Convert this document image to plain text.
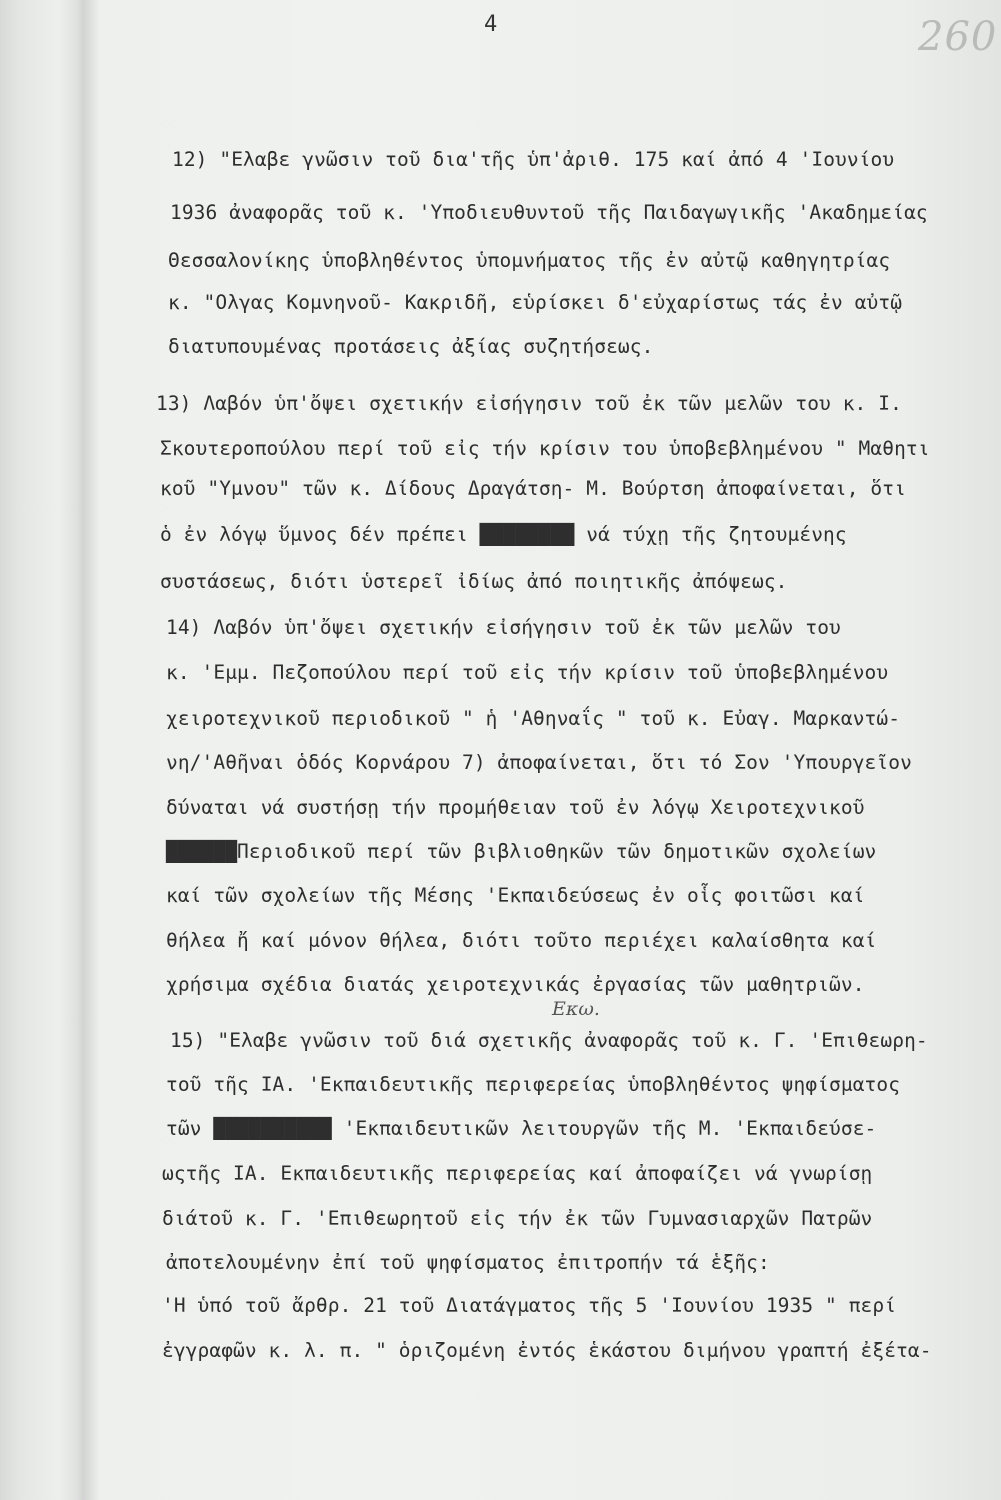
4	260
12) "Ελαβε γνῶσιν τοῦ δια'τῆς ὑπ'ἀριθ. 175 καί ἀπό 4 'Ιουνίου
1936 ἀναφορᾶς τοῦ κ. 'Υποδιευθυντοῦ τῆς Παιδαγωγικῆς 'Ακαδημείας
Θεσσαλονίκης ὑποβληθέντος ὑπομνήματος τῆς ἐν αὐτῷ καθηγητρίας
κ. "Ολγας Κομνηνοῦ- Κακριδῆ, εὑρίσκει δ'εὐχαρίστως τάς ἐν αὐτῷ
διατυπουμένας προτάσεις ἀξίας συζητήσεως.
13) Λαβόν ὑπ'ὄψει σχετικήν εἰσήγησιν τοῦ ἐκ τῶν μελῶν του κ. Ι.
Σκουτεροπούλου περί τοῦ εἰς τήν κρίσιν του ὑποβεβλημένου " Μαθητι
κοῦ "Υμνου" τῶν κ. Δίδους Δραγάτση- Μ. Βούρτση ἀποφαίνεται, ὅτι
ὁ ἐν λόγῳ ὕμνος δέν πρέπει ████████ νά τύχῃ τῆς ζητουμένης
συστάσεως, διότι ὑστερεῖ ἰδίως ἀπό ποιητικῆς ἀπόψεως.
14) Λαβόν ὑπ'ὄψει σχετικήν εἰσήγησιν τοῦ ἐκ τῶν μελῶν του
κ. 'Εμμ. Πεζοπούλου περί τοῦ εἰς τήν κρίσιν τοῦ ὑποβεβλημένου
χειροτεχνικοῦ περιοδικοῦ " ἡ 'Αθηναΐς " τοῦ κ. Εὐαγ. Μαρκαντώ-
νη/'Αθῆναι ὁδός Κορνάρου 7) ἀποφαίνεται, ὅτι τό Σον 'Υπουργεῖον
δύναται νά συστήσῃ τήν προμήθειαν τοῦ ἐν λόγῳ Χειροτεχνικοῦ
██████Περιοδικοῦ περί τῶν βιβλιοθηκῶν τῶν δημοτικῶν σχολείων
καί τῶν σχολείων τῆς Μέσης 'Εκπαιδεύσεως ἐν οἷς φοιτῶσι καί
θήλεα ἤ καί μόνον θήλεα, διότι τοῦτο περιέχει καλαίσθητα καί
χρήσιμα σχέδια διατάς χειροτεχνικάς ἐργασίας τῶν μαθητριῶν.
Εκω.
15) "Ελαβε γνῶσιν τοῦ διά σχετικῆς ἀναφορᾶς τοῦ κ. Γ. 'Επιθεωρη-
τοῦ τῆς ΙΑ. 'Εκπαιδευτικῆς περιφερείας ὑποβληθέντος ψηφίσματος
τῶν ██████████ 'Εκπαιδευτικῶν λειτουργῶν τῆς Μ. 'Εκπαιδεύσε-
ωςτῆς ΙΑ. Εκπαιδευτικῆς περιφερείας καί ἀποφαίζει νά γνωρίσῃ
διάτοῦ κ. Γ. 'Επιθεωρητοῦ εἰς τήν ἐκ τῶν Γυμνασιαρχῶν Πατρῶν
ἀποτελουμένην ἐπί τοῦ ψηφίσματος ἐπιτροπήν τά ἑξῆς:
'Η ὑπό τοῦ ἄρθρ. 21 τοῦ Διατάγματος τῆς 5 'Ιουνίου 1935 " περί
ἐγγραφῶν κ. λ. π. " ὁριζομένη ἐντός ἑκάστου διμήνου γραπτή ἐξέτα-
